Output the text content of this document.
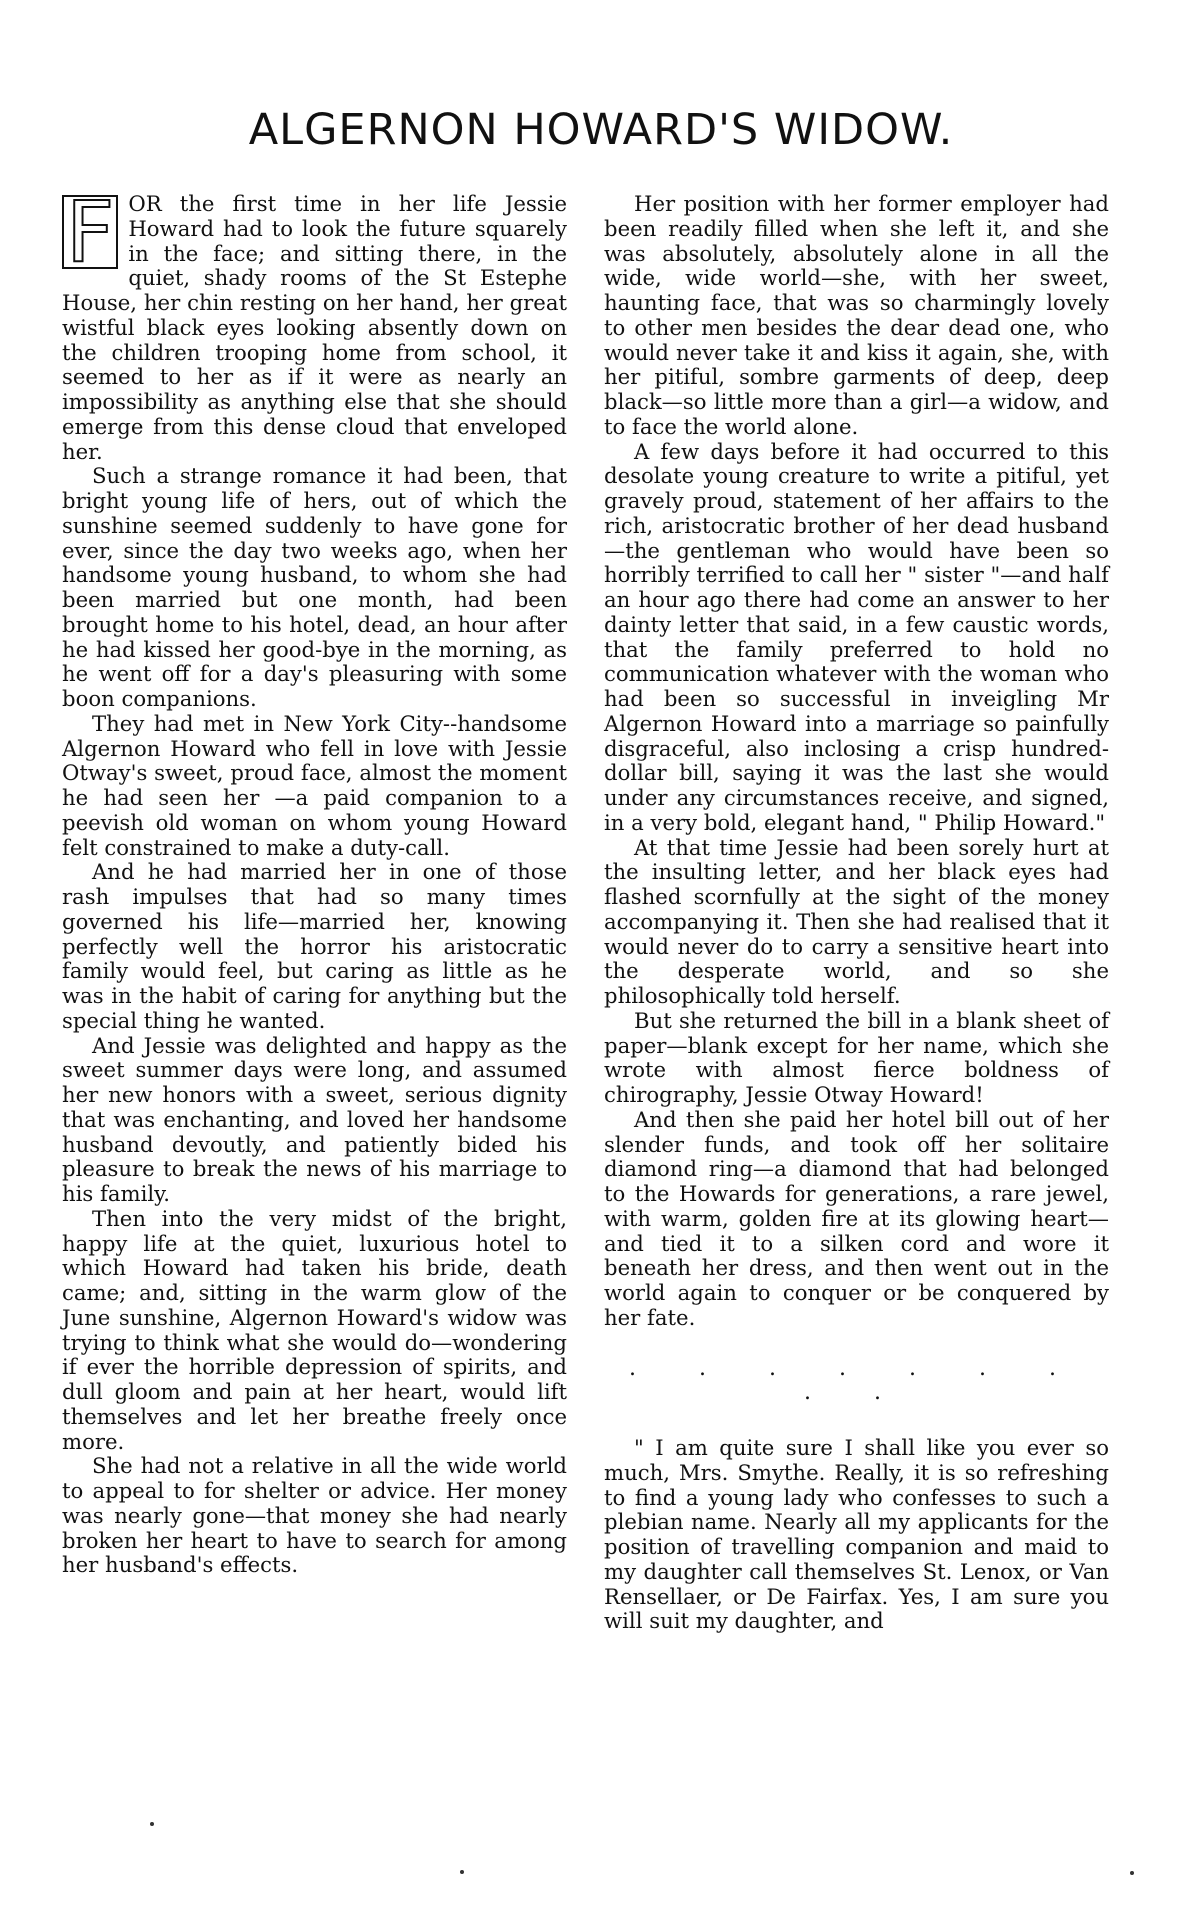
ALGERNON HOWARD'S WIDOW.

F OR the first time in her life Jessie Howard had to look the future squarely in the face; and sitting there, in the quiet, shady rooms of the St Estephe House, her chin resting on her hand, her great wistful black eyes looking absently down on the children trooping home from school, it seemed to her as if it were as nearly an impossibility as anything else that she should emerge from this dense cloud that enveloped her.

Such a strange romance it had been, that bright young life of hers, out of which the sunshine seemed suddenly to have gone for ever, since the day two weeks ago, when her handsome young husband, to whom she had been married but one month, had been brought home to his hotel, dead, an hour after he had kissed her good-bye in the morning, as he went off for a day's pleasuring with some boon companions.

They had met in New York City--handsome Algernon Howard who fell in love with Jessie Otway's sweet, proud face, almost the moment he had seen her —a paid companion to a peevish old woman on whom young Howard felt constrained to make a duty-call.

And he had married her in one of those rash impulses that had so many times governed his life—married her, knowing perfectly well the horror his aristocratic family would feel, but caring as little as he was in the habit of caring for anything but the special thing he wanted.

And Jessie was delighted and happy as the sweet summer days were long, and assumed her new honors with a sweet, serious dignity that was enchanting, and loved her handsome husband devoutly, and patiently bided his pleasure to break the news of his marriage to his family.

Then into the very midst of the bright, happy life at the quiet, luxurious hotel to which Howard had taken his bride, death came; and, sitting in the warm glow of the June sunshine, Algernon Howard's widow was trying to think what she would do—wondering if ever the horrible depression of spirits, and dull gloom and pain at her heart, would lift themselves and let her breathe freely once more.

She had not a relative in all the wide world to appeal to for shelter or advice. Her money was nearly gone—that money she had nearly broken her heart to have to search for among her husband's effects.

Her position with her former employer had been readily filled when she left it, and she was absolutely, absolutely alone in all the wide, wide world—she, with her sweet, haunting face, that was so charmingly lovely to other men besides the dear dead one, who would never take it and kiss it again, she, with her pitiful, sombre garments of deep, deep black—so little more than a girl—a widow, and to face the world alone.

A few days before it had occurred to this desolate young creature to write a pitiful, yet gravely proud, statement of her affairs to the rich, aristocratic brother of her dead husband—the gentleman who would have been so horribly terrified to call her " sister "—and half an hour ago there had come an answer to her dainty letter that said, in a few caustic words, that the family preferred to hold no communication whatever with the woman who had been so successful in inveigling Mr Algernon Howard into a marriage so painfully disgraceful, also inclosing a crisp hundred-dollar bill, saying it was the last she would under any circumstances receive, and signed, in a very bold, elegant hand, " Philip Howard."

At that time Jessie had been sorely hurt at the insulting letter, and her black eyes had flashed scornfully at the sight of the money accompanying it. Then she had realised that it would never do to carry a sensitive heart into the desperate world, and so she philosophically told herself.

But she returned the bill in a blank sheet of paper—blank except for her name, which she wrote with almost fierce boldness of chirography, Jessie Otway Howard!

And then she paid her hotel bill out of her slender funds, and took off her solitaire diamond ring—a diamond that had belonged to the Howards for generations, a rare jewel, with warm, golden fire at its glowing heart—and tied it to a silken cord and wore it beneath her dress, and then went out in the world again to conquer or be conquered by her fate.

. . . . . . . . .

" I am quite sure I shall like you ever so much, Mrs. Smythe. Really, it is so refreshing to find a young lady who confesses to such a plebian name. Nearly all my applicants for the position of travelling companion and maid to my daughter call themselves St. Lenox, or Van Rensellaer, or De Fairfax. Yes, I am sure you will suit my daughter, and
